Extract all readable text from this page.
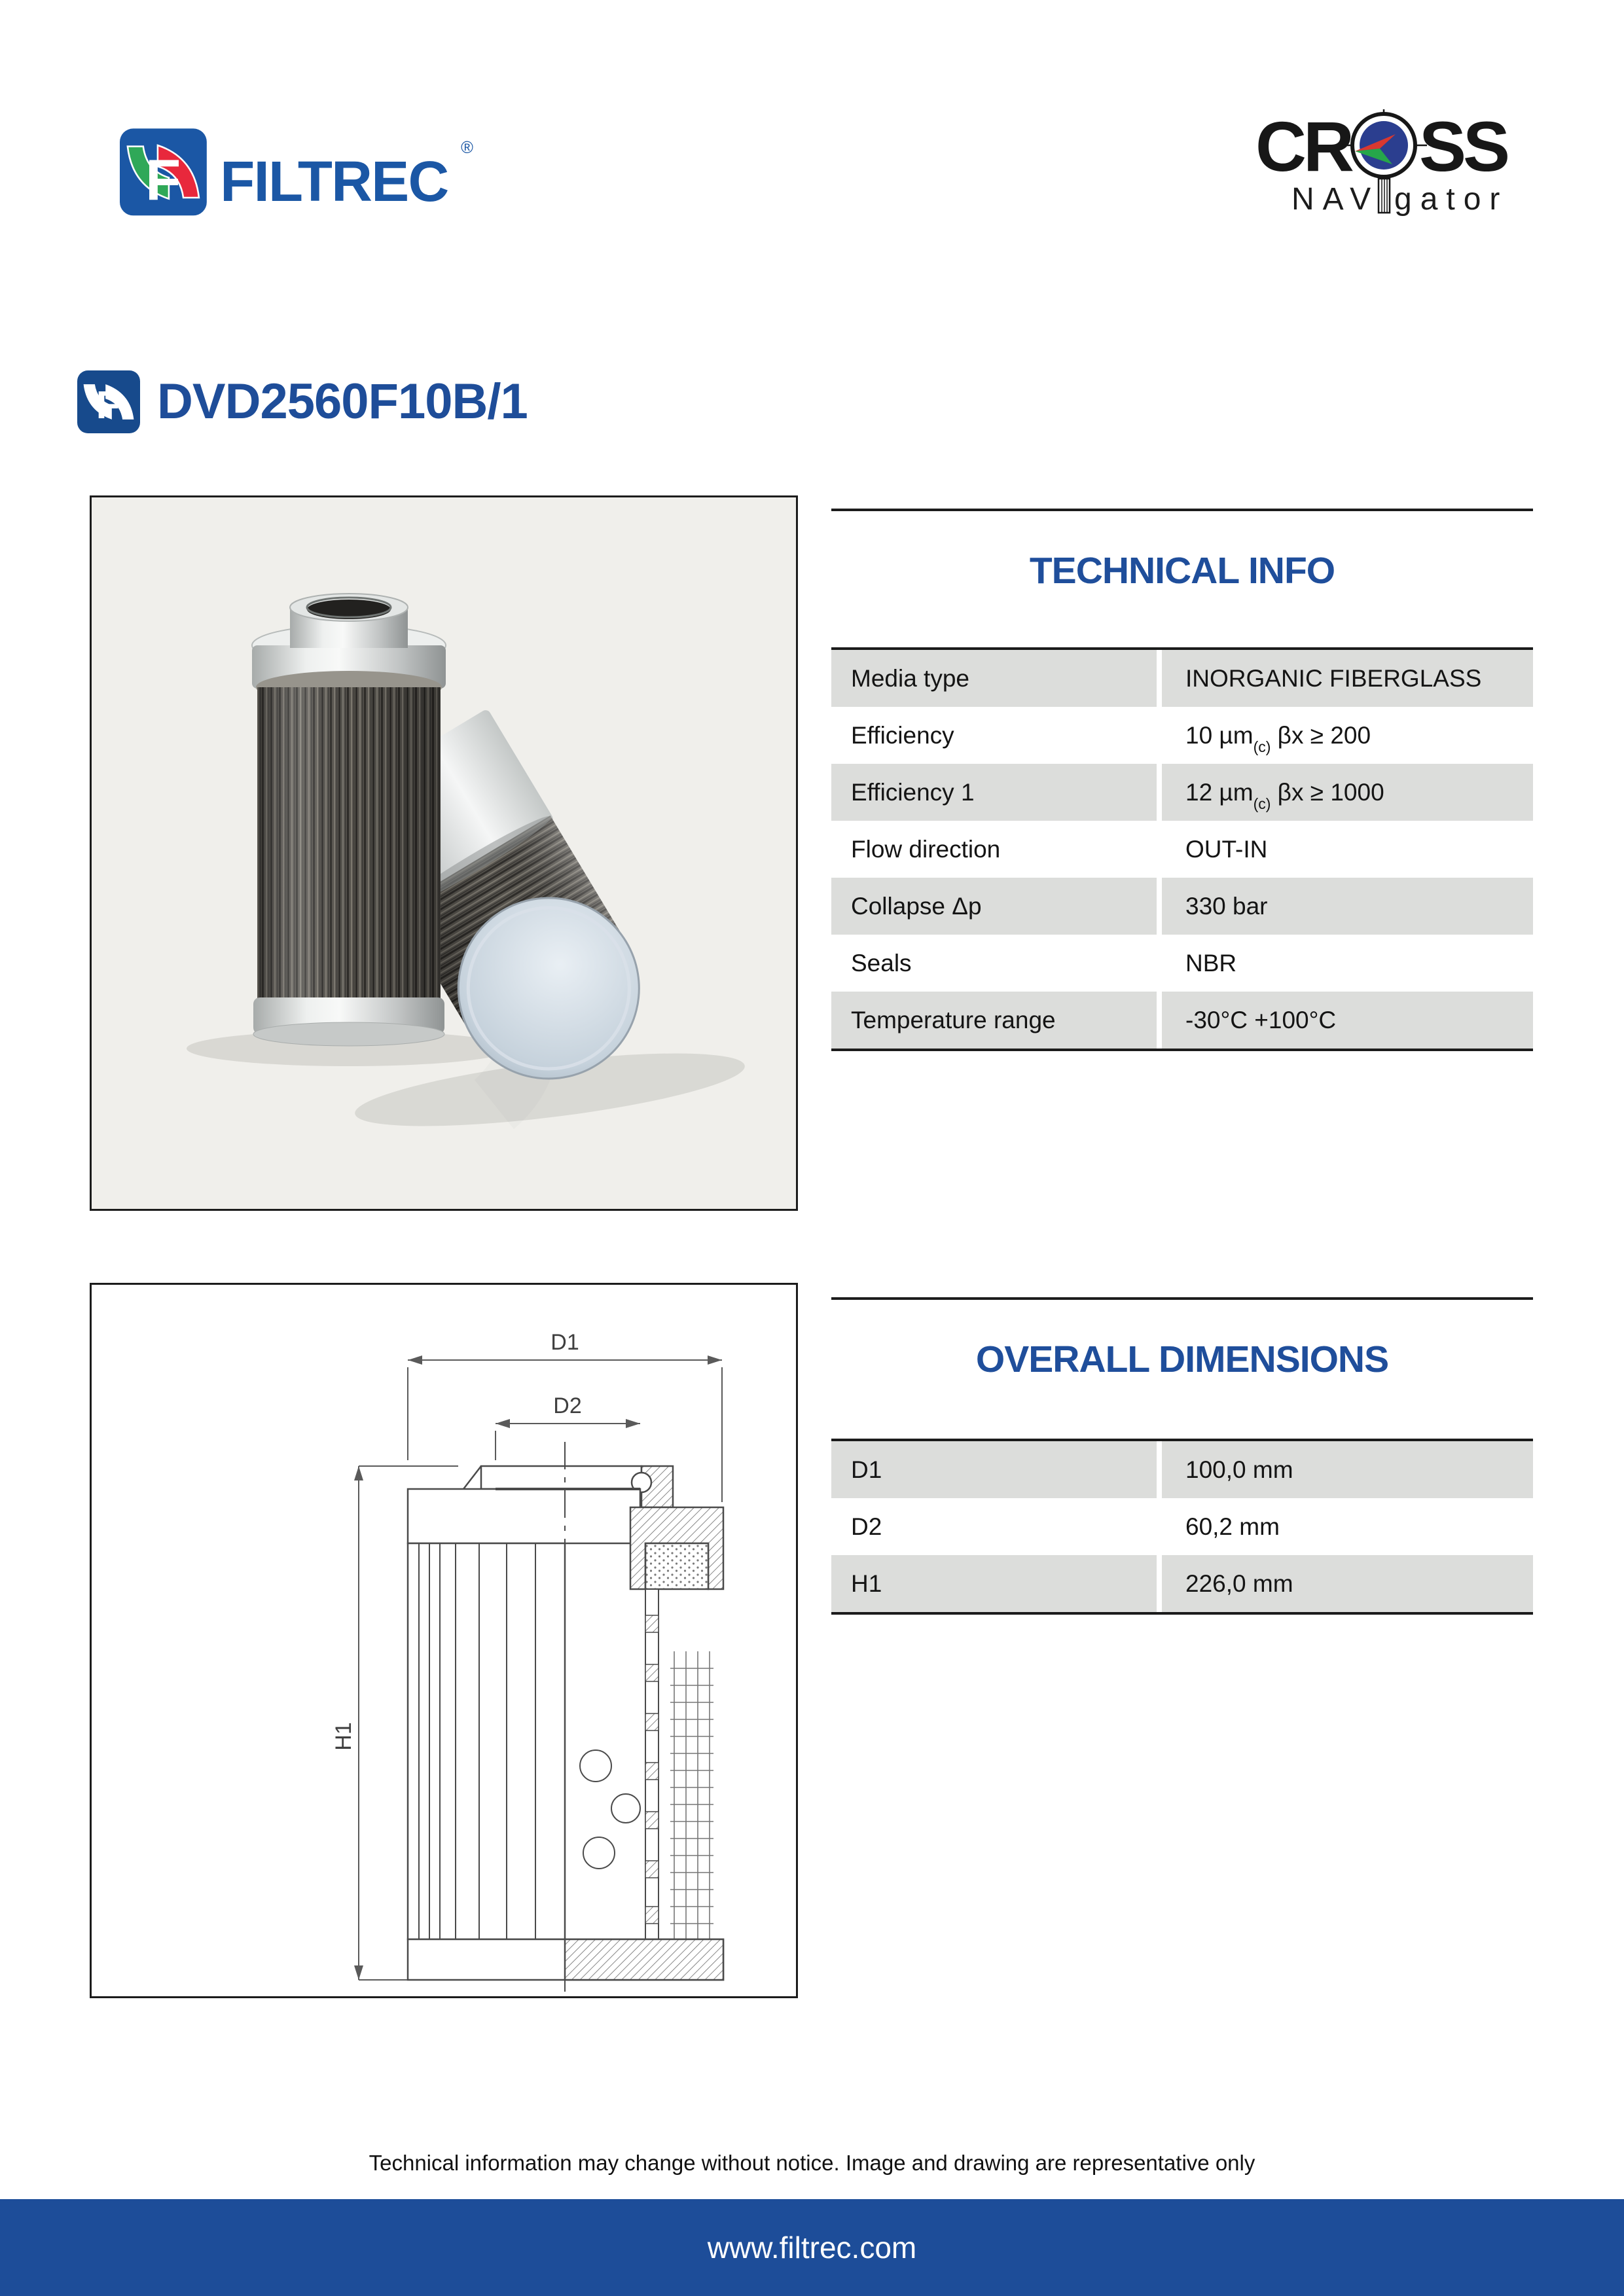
F FILTREC
®	CR SS
NAV gator
F DVD2560F10B/1
TECHNICAL INFO
Media type	INORGANIC FIBERGLASS
Efficiency	10 µm$_{(c)}$ βx ≥ 200
Efficiency 1	12 µm$_{(c)}$ βx ≥ 1000
Flow direction	OUT-IN
Collapse Δp	330 bar
Seals	NBR
Temperature range	-30°C +100°C
D1
D2
H1
OVERALL DIMENSIONS
D1	100,0 mm
D2	60,2 mm
H1	226,0 mm
Technical information may change without notice. Image and drawing are representative only
www.filtrec.com
